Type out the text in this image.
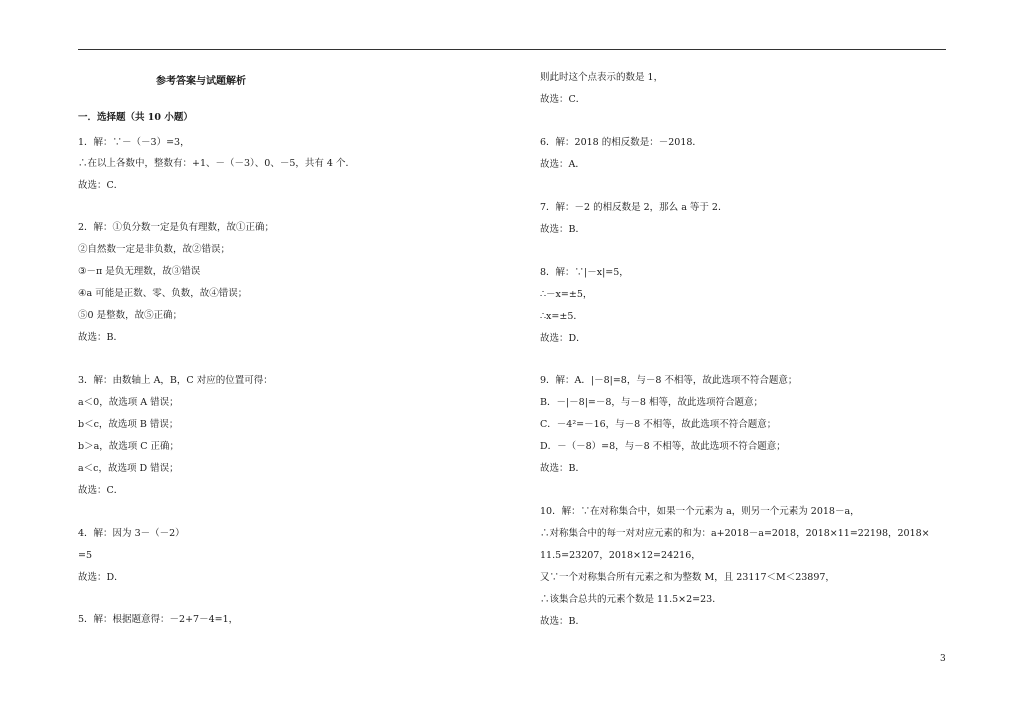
参考答案与试题解析
一．选择题（共 10 小题）
1．解：∵－（－3）=3，
∴在以上各数中，整数有：+1、－（－3）、0、－5，共有 4 个．
故选：C．
2．解：①负分数一定是负有理数，故①正确；
②自然数一定是非负数，故②错误；
③－π 是负无理数，故③错误
④a 可能是正数、零、负数，故④错误；
⑤0 是整数，故⑤正确；
故选：B．
3．解：由数轴上 A，B，C 对应的位置可得：
a＜0，故选项 A 错误；
b＜c，故选项 B 错误；
b＞a，故选项 C 正确；
a＜c，故选项 D 错误；
故选：C．
4．解：因为 3－（－2）
=5
故选：D．
5．解：根据题意得：－2+7－4=1，
则此时这个点表示的数是 1，
故选：C．
6．解：2018 的相反数是：－2018．
故选：A．
7．解：－2 的相反数是 2，那么 a 等于 2．
故选：B．
8．解：∵|－x|=5，
∴－x=±5，
∴x=±5．
故选：D．
9．解：A．|－8|=8，与－8 不相等，故此选项不符合题意；
B．－|－8|=－8，与－8 相等，故此选项符合题意；
C．－4²=－16，与－8 不相等，故此选项不符合题意；
D．－（－8）=8，与－8 不相等，故此选项不符合题意；
故选：B．
10．解：∵在对称集合中，如果一个元素为 a，则另一个元素为 2018－a，
∴对称集合中的每一对对应元素的和为：a+2018－a=2018，2018×11=22198，2018×
11.5=23207，2018×12=24216，
又∵一个对称集合所有元素之和为整数 M，且 23117＜M＜23897，
∴该集合总共的元素个数是 11.5×2=23．
故选：B．
3
